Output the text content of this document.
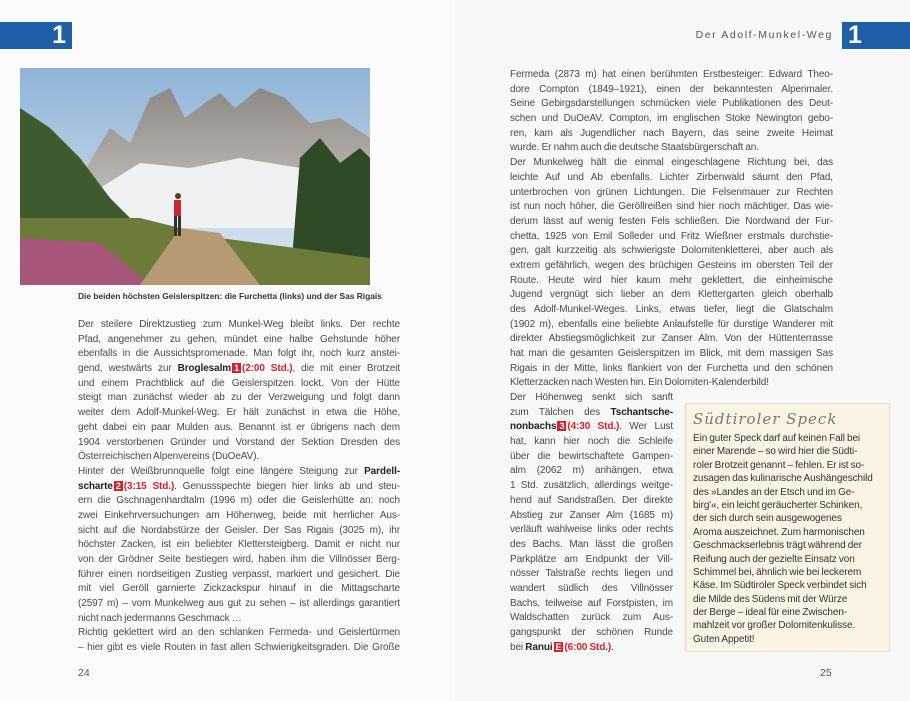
1
Die beiden höchsten Geislerspitzen: die Furchetta (links) und der Sas Rigais
Der steilere Direktzustieg zum Munkel-Weg bleibt links. Der rechte
Pfad, angenehmer zu gehen, mündet eine halbe Gehstunde höher
ebenfalls in die Aussichtspromenade. Man folgt ihr, noch kurz anstei-
gend, westwärts zur Broglesalm 1 (2:00 Std.), die mit einer Brotzeit
und einem Prachtblick auf die Geislerspitzen lockt. Von der Hütte
steigt man zunächst wieder ab zu der Verzweigung und folgt dann
weiter dem Adolf-Munkel-Weg. Er hält zunächst in etwa die Höhe,
geht dabei ein paar Mulden aus. Benannt ist er übrigens nach dem
1904 verstorbenen Gründer und Vorstand der Sektion Dresden des
Österreichischen Alpenvereins (DuOeAV).
Hinter der Weißbrunnquelle folgt eine längere Steigung zur Pardell-
scharte 2 (3:15 Std.). Genussspechte biegen hier links ab und steu-
ern die Gschnagenhardtalm (1996 m) oder die Geislerhütte an: noch
zwei Einkehrversuchungen am Höhenweg, beide mit herrlicher Aus-
sicht auf die Nordabstürze der Geisler. Der Sas Rigais (3025 m), ihr
höchster Zacken, ist ein beliebter Klettersteigberg. Damit er nicht nur
von der Grödner Seite bestiegen wird, haben ihm die Villnösser Berg-
führer einen nordseitigen Zustieg verpasst, markiert und gesichert. Die
mit viel Geröll garnierte Zickzackspur hinauf in die Mittagscharte
(2597 m) – vom Munkelweg aus gut zu sehen – ist allerdings garantiert
nicht nach jedermanns Geschmack …
Richtig geklettert wird an den schlanken Fermeda- und Geislertürmen
– hier gibt es viele Routen in fast allen Schwierigkeitsgraden. Die Große
24
Der Adolf-Munkel-Weg 1
Fermeda (2873 m) hat einen berühmten Erstbesteiger: Edward Theo-
dore Compton (1849–1921), einen der bekanntesten Alpenmaler.
Seine Gebirgsdarstellungen schmücken viele Publikationen des Deut-
schen und DuOeAV. Compton, im englischen Stoke Newington gebo-
ren, kam als Jugendlicher nach Bayern, das seine zweite Heimat
wurde. Er nahm auch die deutsche Staatsbürgerschaft an.
Der Munkelweg hält die einmal eingeschlagene Richtung bei, das
leichte Auf und Ab ebenfalls. Lichter Zirbenwald säumt den Pfad,
unterbrochen von grünen Lichtungen. Die Felsenmauer zur Rechten
ist nun noch höher, die Geröllreißen sind hier noch mächtiger. Das wie-
derum lässt auf wenig festen Fels schließen. Die Nordwand der Fur-
chetta, 1925 von Emil Solleder und Fritz Wießner erstmals durchstie-
gen, galt kurzzeitig als schwierigste Dolomitenkletterei, aber auch als
extrem gefährlich, wegen des brüchigen Gesteins im obersten Teil der
Route. Heute wird hier kaum mehr geklettert, die einheimische
Jugend vergnügt sich lieber an dem Klettergarten gleich oberhalb
des Adolf-Munkel-Weges. Links, etwas tiefer, liegt die Glatschalm
(1902 m), ebenfalls eine beliebte Anlaufstelle für durstige Wanderer mit
direkter Abstiegsmöglichkeit zur Zanser Alm. Von der Hüttenterrasse
hat man die gesamten Geislerspitzen im Blick, mit dem massigen Sas
Rigais in der Mitte, links flankiert von der Furchetta und den schönen
Kletterzacken nach Westen hin. Ein Dolomiten-Kalenderbild!
Der Höhenweg senkt sich sanft
zum Tälchen des Tschantsche-
nonbachs 3 (4:30 Std.). Wer Lust
hat, kann hier noch die Schleife
über die bewirtschaftete Gampen-
alm (2062 m) anhängen, etwa
1 Std. zusätzlich, allerdings weitge-
hend auf Sandstraßen. Der direkte
Abstieg zur Zanser Alm (1685 m)
verläuft wahlweise links oder rechts
des Bachs. Man lässt die großen
Parkplätze am Endpunkt der Vill-
nösser Talstraße rechts liegen und
wandert südlich des Villnösser
Bachs, teilweise auf Forstpisten, im
Waldschatten zurück zum Aus-
gangspunkt der schönen Runde
bei Ranui E (6:00 Std.).
Südtiroler Speck
Ein guter Speck darf auf keinen Fall bei
einer Marende – so wird hier die Südti-
roler Brotzeit genannt – fehlen. Er ist so-
zusagen das kulinarische Aushängeschild
des »Landes an der Etsch und im Ge-
birg'«, ein leicht geräucherter Schinken,
der sich durch sein ausgewogenes
Aroma auszeichnet. Zum harmonischen
Geschmackserlebnis trägt während der
Reifung auch der gezielte Einsatz von
Schimmel bei, ähnlich wie bei leckerem
Käse. Im Südtiroler Speck verbindet sich
die Milde des Südens mit der Würze
der Berge – ideal für eine Zwischen-
mahlzeit vor großer Dolomitenkulisse.
Guten Appetit!
25
